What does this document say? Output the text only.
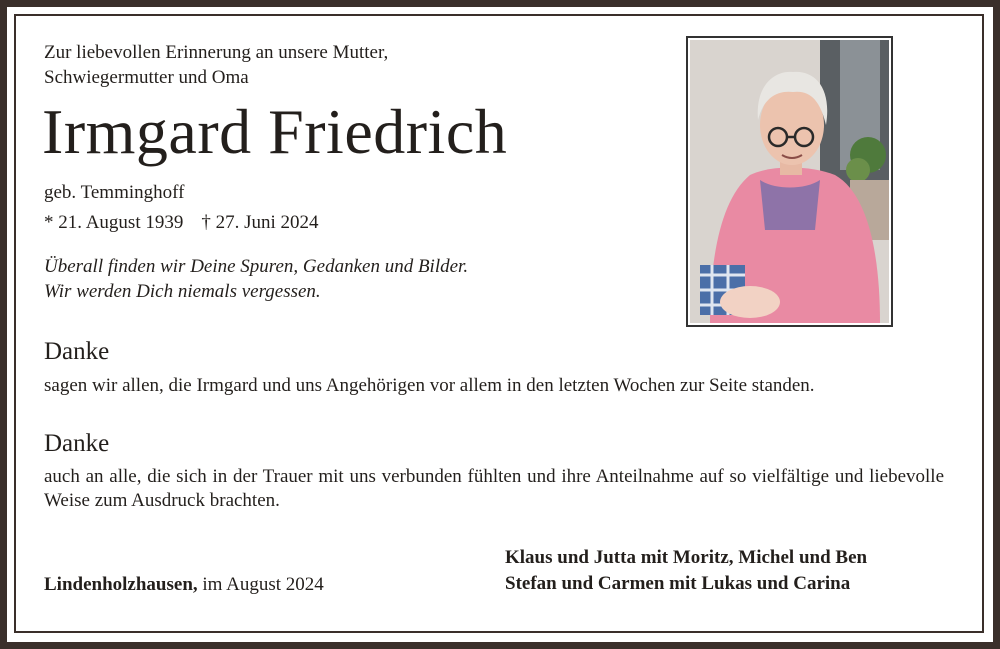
Zur liebevollen Erinnerung an unsere Mutter,
Schwiegermutter und Oma
Irmgard Friedrich
geb. Temminghoff
* 21. August 1939 † 27. Juni 2024
Überall finden wir Deine Spuren, Gedanken und Bilder.
Wir werden Dich niemals vergessen.
Danke
sagen wir allen, die Irmgard und uns Angehörigen vor allem in den letzten Wochen zur Seite standen.
Danke
auch an alle, die sich in der Trauer mit uns verbunden fühlten und ihre Anteilnahme auf so vielfältige und liebevolle Weise zum Ausdruck brachten.
Lindenholzhausen, im August 2024
Klaus und Jutta mit Moritz, Michel und Ben
Stefan und Carmen mit Lukas und Carina
